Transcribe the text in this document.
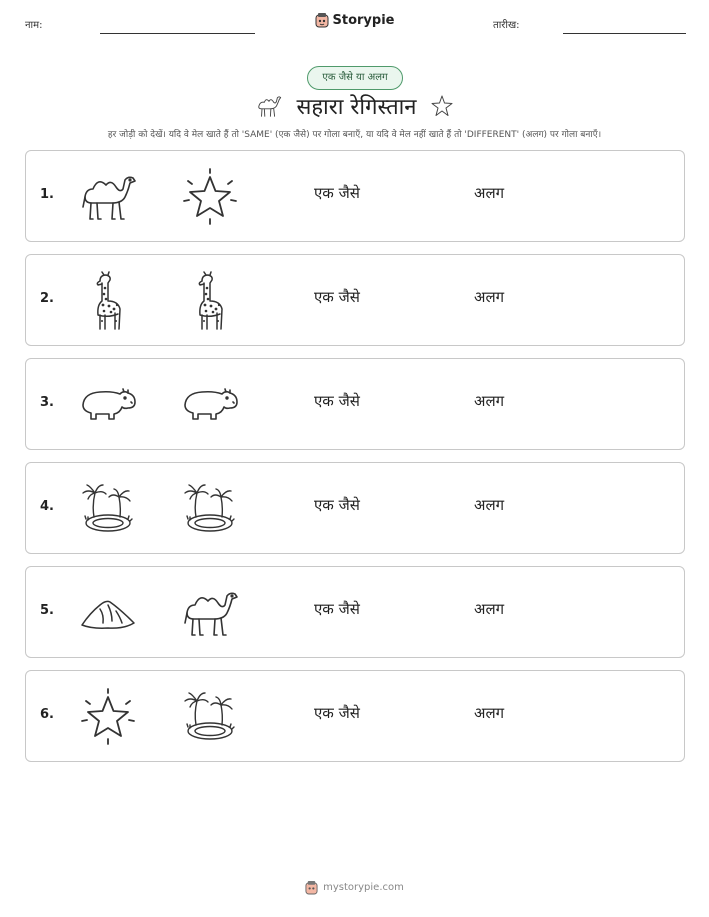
नाम:	Storypie	तारीख:
एक जैसे या अलग
सहारा रेगिस्तान
हर जोड़ी को देखें। यदि वे मेल खाते हैं तो 'SAME' (एक जैसे) पर गोला बनाएँ, या यदि वे मेल नहीं खाते हैं तो 'DIFFERENT' (अलग) पर गोला बनाएँ।
1.	एक जैसे	अलग
2.	एक जैसे	अलग
3.	एक जैसे	अलग
4.	एक जैसे	अलग
5.	एक जैसे	अलग
6.	एक जैसे	अलग
mystorypie.com
